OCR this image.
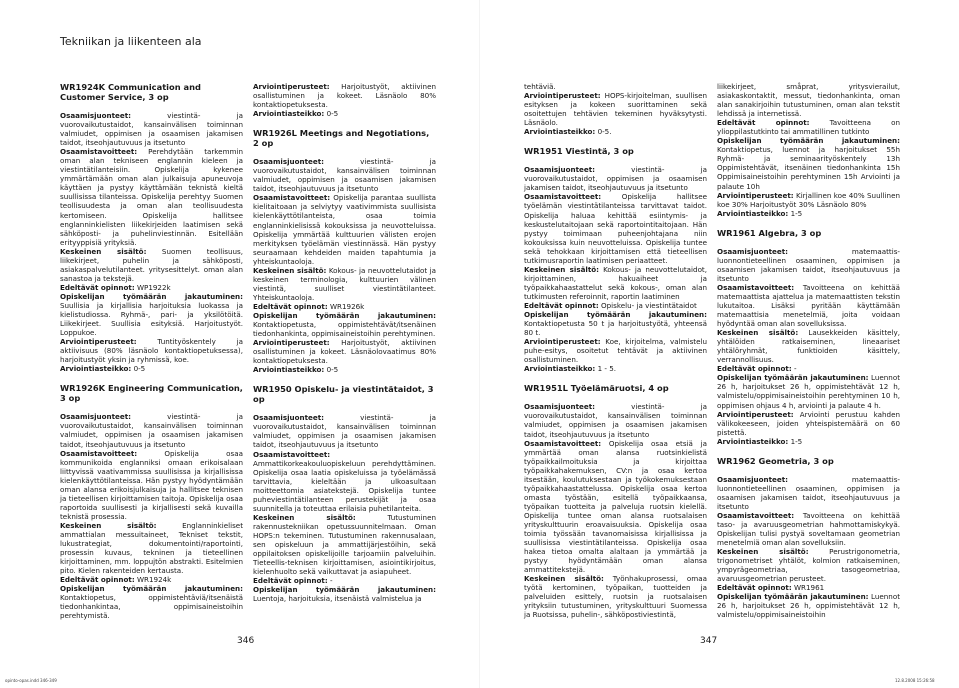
Tekniikan ja liikenteen ala
WR1924K Communication and Customer Service, 3 op

Osaamisjuonteet: viestintä- ja vuorovaikutustaidot, kansainvälisen toiminnan valmiudet, oppimisen ja osaamisen jakamisen taidot, itseohjautuvuus ja itsetunto

Osaamistavoitteet: Perehdytään tarkemmin oman alan tekniseen englannin kieleen ja viestintätilanteisiin. Opiskelija kykenee ymmärtämään oman alan julkaisuja apuneuvoja käyttäen ja pystyy käyttämään teknistä kieltä suullisissa tilanteissa. Opiskelija perehtyy Suomen teollisuudesta ja oman alan teollisuudesta kertomiseen. Opiskelija hallitsee englanninkielisten liikekirjeiden laatimisen sekä sähköposti- ja puhelinviestinnän. Esitellään erityyppisiä yrityksiä.

Keskeinen sisältö: Suomen teollisuus, liikekirjeet, puhelin ja sähköposti, asiakaspalvelutilanteet. yritysesittelyt. oman alan sanastoa ja tekstejä.

Edeltävät opinnot: WP1922k

Opiskelijan työmäärän jakautuminen: Suullisia ja kirjallisia harjoituksia luokassa ja kielistudiossa. Ryhmä-, pari- ja yksilötöitä. Liikekirjeet. Suullisia esityksiä. Harjoitustyöt. Loppukoe.

Arviointiperusteet: Tuntityöskentely ja aktiivisuus (80% läsnäolo kontaktiopetuksessa), harjoitustyöt yksin ja ryhmissä, koe.

Arviointiasteikko: 0-5

WR1926K Engineering Communication, 3 op

Osaamisjuonteet: viestintä- ja vuorovaikutustaidot, kansainvälisen toiminnan valmiudet, oppimisen ja osaamisen jakamisen taidot, itseohjautuvuus ja itsetunto

Osaamistavoitteet: Opiskelija osaa kommunikoida englanniksi omaan erikoisalaan liittyvissä vaativammissa suullisissa ja kirjallisissa kielenkäyttötilanteissa. Hän pystyy hyödyntämään oman alansa erikoisjulkaisuja ja hallitsee teknisen ja tieteellisen kirjoittamisen taitoja. Opiskelija osaa raportoida suullisesti ja kirjallisesti sekä kuvailla teknistä prosessia.

Keskeinen sisältö: Englanninkieliset ammattialan messuitaineet, Tekniset tekstit, lukustrategiat, dokumentointi/raportointi, prosessin kuvaus, tekninen ja tieteellinen kirjoittaminen, mm. loppujtön abstrakti. Esitelmien pito. Kielen rakenteiden kertausta.

Edeltävät opinnot: WR1924k

Opiskelijan työmäärän jakautuminen: Kontaktiopetus, oppimistehtäviä/itsenäistä tiedonhankintaa, oppimisaineistoihin perehtymistä.

Arviointiperusteet: Harjoitustyöt, aktiivinen osallistuminen ja kokeet. Läsnäolo 80% kontaktiopetuksesta.

Arviointiasteikko: 0-5

WR1926L Meetings and Negotiations, 2 op

Osaamisjuonteet: viestintä- ja vuorovaikutustaidot, kansainvälisen toiminnan valmiudet, oppimisen ja osaamisen jakamisen taidot, itseohjautuvuus ja itsetunto

Osaamistavoitteet: Opiskelija parantaa suullista kielitaitoaan ja selviytyy vaativimmista suullisista kielenkäyttötilanteista, osaa toimia englanninkielisissä kokouksissa ja neuvotteluissa. Opiskelija ymmärtää kulttuurien välisten erojen merkityksen työelämän viestinnässä. Hän pystyy seuraamaan kehdeiden maiden tapahtumia ja yhteiskuntaoloja.

Keskeinen sisältö: Kokous- ja neuvottelutaidot ja keskeinen terminologia, kulttuurien välinen viestintä, suulliset viestintätilanteet. Yhteiskuntaoloja.

Edeltävät opinnot: WR1926k

Opiskelijan työmäärän jakautuminen: Kontaktiopetusta, oppimistehtävät/itsenäinen tiedonhankinta, oppimisaineistoihin perehtyminen.

Arviointiperusteet: Harjoitustyöt, aktiivinen osallistuminen ja kokeet. Läsnäolovaatimus 80% kontaktiopetuksesta.

Arviointiasteikko: 0-5

WR1950 Opiskelu- ja viestintätaidot, 3 op

Osaamisjuonteet: viestintä- ja vuorovaikutustaidot, kansainvälisen toiminnan valmiudet, oppimisen ja osaamisen jakamisen taidot, itseohjautuvuus ja itsetunto

Osaamistavoitteet: Ammattikorkeakouluopiskeluun perehdyttäminen. Opiskelija osaa laatia opiskeluissa ja työelämässä tarvittavia, kieleltään ja ulkoasultaan moitteettomia asiatekstejä. Opiskelija tuntee puheviestintätilanteen perustekijät ja osaa suunnitella ja toteuttaa erilaisia puhetilanteita.

Keskeinen sisältö: Tutustuminen rakennustekniikan opetussuunnitelmaan. Oman HOPS:n tekeminen. Tutustuminen rakennusalaan, sen opiskeluun ja ammattijärjestöihin, sekä oppilaitoksen opiskelijoille tarjoamiin palveluihin. Tieteellis-teknisen kirjoittamisen, asiointikirjoitus, kielenhuolto sekä vaikuttavat ja asiapuheet.

Edeltävät opinnot: -

Opiskelijan työmäärän jakautuminen: Luentoja, harjoituksia, itsenäistä valmistelua ja

tehtäviä.

Arviointiperusteet: HOPS-kirjoitelman, suullisen esityksen ja kokeen suorittaminen sekä osoitettujen tehtävien tekeminen hyväksytysti. Läsnäolo.

Arviointiasteikko: 0-5.

WR1951 Viestintä, 3 op

Osaamisjuonteet: viestintä- ja vuorovaikutustaidot, oppimisen ja osaamisen jakamisen taidot, itseohjautuvuus ja itsetunto

Osaamistavoitteet: Opiskelija hallitsee työelämän viestintätilanteissa tarvittavat taidot. Opiskelija haluaa kehittää esiintymis- ja keskustelutaitojaan sekä raportointitaitojaan. Hän pystyy toimimaan puheenjohtajana niin kokouksissa kuin neuvotteluissa. Opiskelija tuntee sekä tehokkaan kirjoittamisen että tieteellisen tutkimusraportin laatimisen periaatteet.

Keskeinen sisältö: Kokous- ja neuvottelutaidot, kirjoittaminen, hakuaiheet ja työpaikkahaastattelut sekä kokous-, oman alan tutkimusten referoinnit, raportin laatiminen

Edeltävät opinnot: Opiskelu- ja viestintätaidot

Opiskelijan työmäärän jakautuminen: Kontaktiopetusta 50 t ja harjoitustyötä, yhteensä 80 t.

Arviointiperusteet: Koe, kirjoitelma, valmistelu puhe-esitys, osoitetut tehtävät ja aktiivinen osallistuminen.

Arviointiasteikko: 1 - 5.

WR1951L Työelämäruotsi, 4 op

Osaamisjuonteet: viestintä- ja vuorovaikutustaidot, kansainvälisen toiminnan valmiudet, oppimisen ja osaamisen jakamisen taidot, itseohjautuvuus ja itsetunto

Osaamistavoitteet: Opiskelija osaa etsiä ja ymmärtää oman alansa ruotsinkielistä työpaikkailmoituksia ja kirjoittaa työpaikkahakemuksen, CV:n ja osaa kertoa itsestään, koulutuksestaan ja työkokemuksestaan työpaikkahaastattelussa. Opiskelija osaa kertoa omasta työstään, esitellä työpaikkaansa, työpaikan tuotteita ja palveluja ruotsin kielellä. Opiskelija tuntee oman alansa ruotsalaisen yrityskulttuurin eroavaisuuksia. Opiskelija osaa toimia työssään tavanomaisissa kirjallisissa ja suullisissa viestintätilanteissa. Opiskelija osaa hakea tietoa omalta alaltaan ja ymmärtää ja pystyy hyödyntämään oman alansa ammattitekstejä.

Keskeinen sisältö: Työnhakuprosessi, omaa työtä kertominen, työpaikan, tuotteiden ja palveluiden esittely, ruotsin ja ruotsalaisen yrityksiin tutustuminen, yrityskulttuuri Suomessa ja Ruotsissa, puhelin-, sähköpostiviestintä,

liikekirjeet, småprat, yritysvierailut, asiakaskontaktit, messut, tiedonhankinta, oman alan sanakirjoihin tutustuminen, oman alan tekstit lehdissä ja internetissä.

Edeltävät opinnot: Tavoitteena on ylioppilastutkinto tai ammatillinen tutkinto

Opiskelijan työmäärän jakautuminen: Kontaktiopetus, luennot ja harjoitukset 55h Ryhmä- ja seminaarityöskentely 13h Oppimistehtävät, itsenäinen tiedonhankinta 15h Oppimisaineistoihin perehtyminen 15h Arviointi ja palaute 10h

Arviointiperusteet: Kirjallinen koe 40% Suullinen koe 30% Harjoitustyöt 30% Läsnäolo 80%

Arviointiasteikko: 1-5

WR1961 Algebra, 3 op

Osaamisjuonteet: matemaattis-luonnontieteellinen osaaminen, oppimisen ja osaamisen jakamisen taidot, itseohjautuvuus ja itsetunto

Osaamistavoitteet: Tavoitteena on kehittää matemaattista ajattelua ja matemaattisten tekstin lukutaitoa. Lisäksi pyritään käyttämään matemaattisia menetelmiä, joita voidaan hyödyntää oman alan sovelluksissa.

Keskeinen sisältö: Lausekkeiden käsittely, yhtälöiden ratkaiseminen, lineaariset yhtälöryhmät, funktioiden käsittely, verrannollisuus.

Edeltävät opinnot: -

Opiskelijan työmäärän jakautuminen: Luennot 26 h, harjoitukset 26 h, oppimistehtävät 12 h, valmistelu/oppimisaineistoihin perehtyminen 10 h, oppimisen ohjaus 4 h, arviointi ja palaute 4 h.

Arviointiperusteet: Arviointi perustuu kahden välikokeeseen, joiden yhteispistemäärä on 60 pistettä.

Arviointiasteikko: 1-5

WR1962 Geometria, 3 op

Osaamisjuonteet: matemaattis-luonnontieteellinen osaaminen, oppimisen ja osaamisen jakamisen taidot, itseohjautuvuus ja itsetunto

Osaamistavoitteet: Tavoitteena on kehittää taso- ja avaruusgeometrian hahmottamiskykyä. Opiskelijan tulisi pystyä soveltamaan geometrian menetelmiä oman alan sovelluksiin.

Keskeinen sisältö: Perustrigonometria, trigonometriset yhtälöt, kolmion ratkaiseminen, ympyrägeometriaa, tasogeometriaa, avaruusgeometrian perusteet.

Edeltävät opinnot: WR1961

Opiskelijan työmäärän jakautuminen: Luennot 26 h, harjoitukset 26 h, oppimistehtävät 12 h, valmistelu/oppimisaineistoihin

346	347
opinto-opas.indd 346-349	12.8.2008 15:26:58
